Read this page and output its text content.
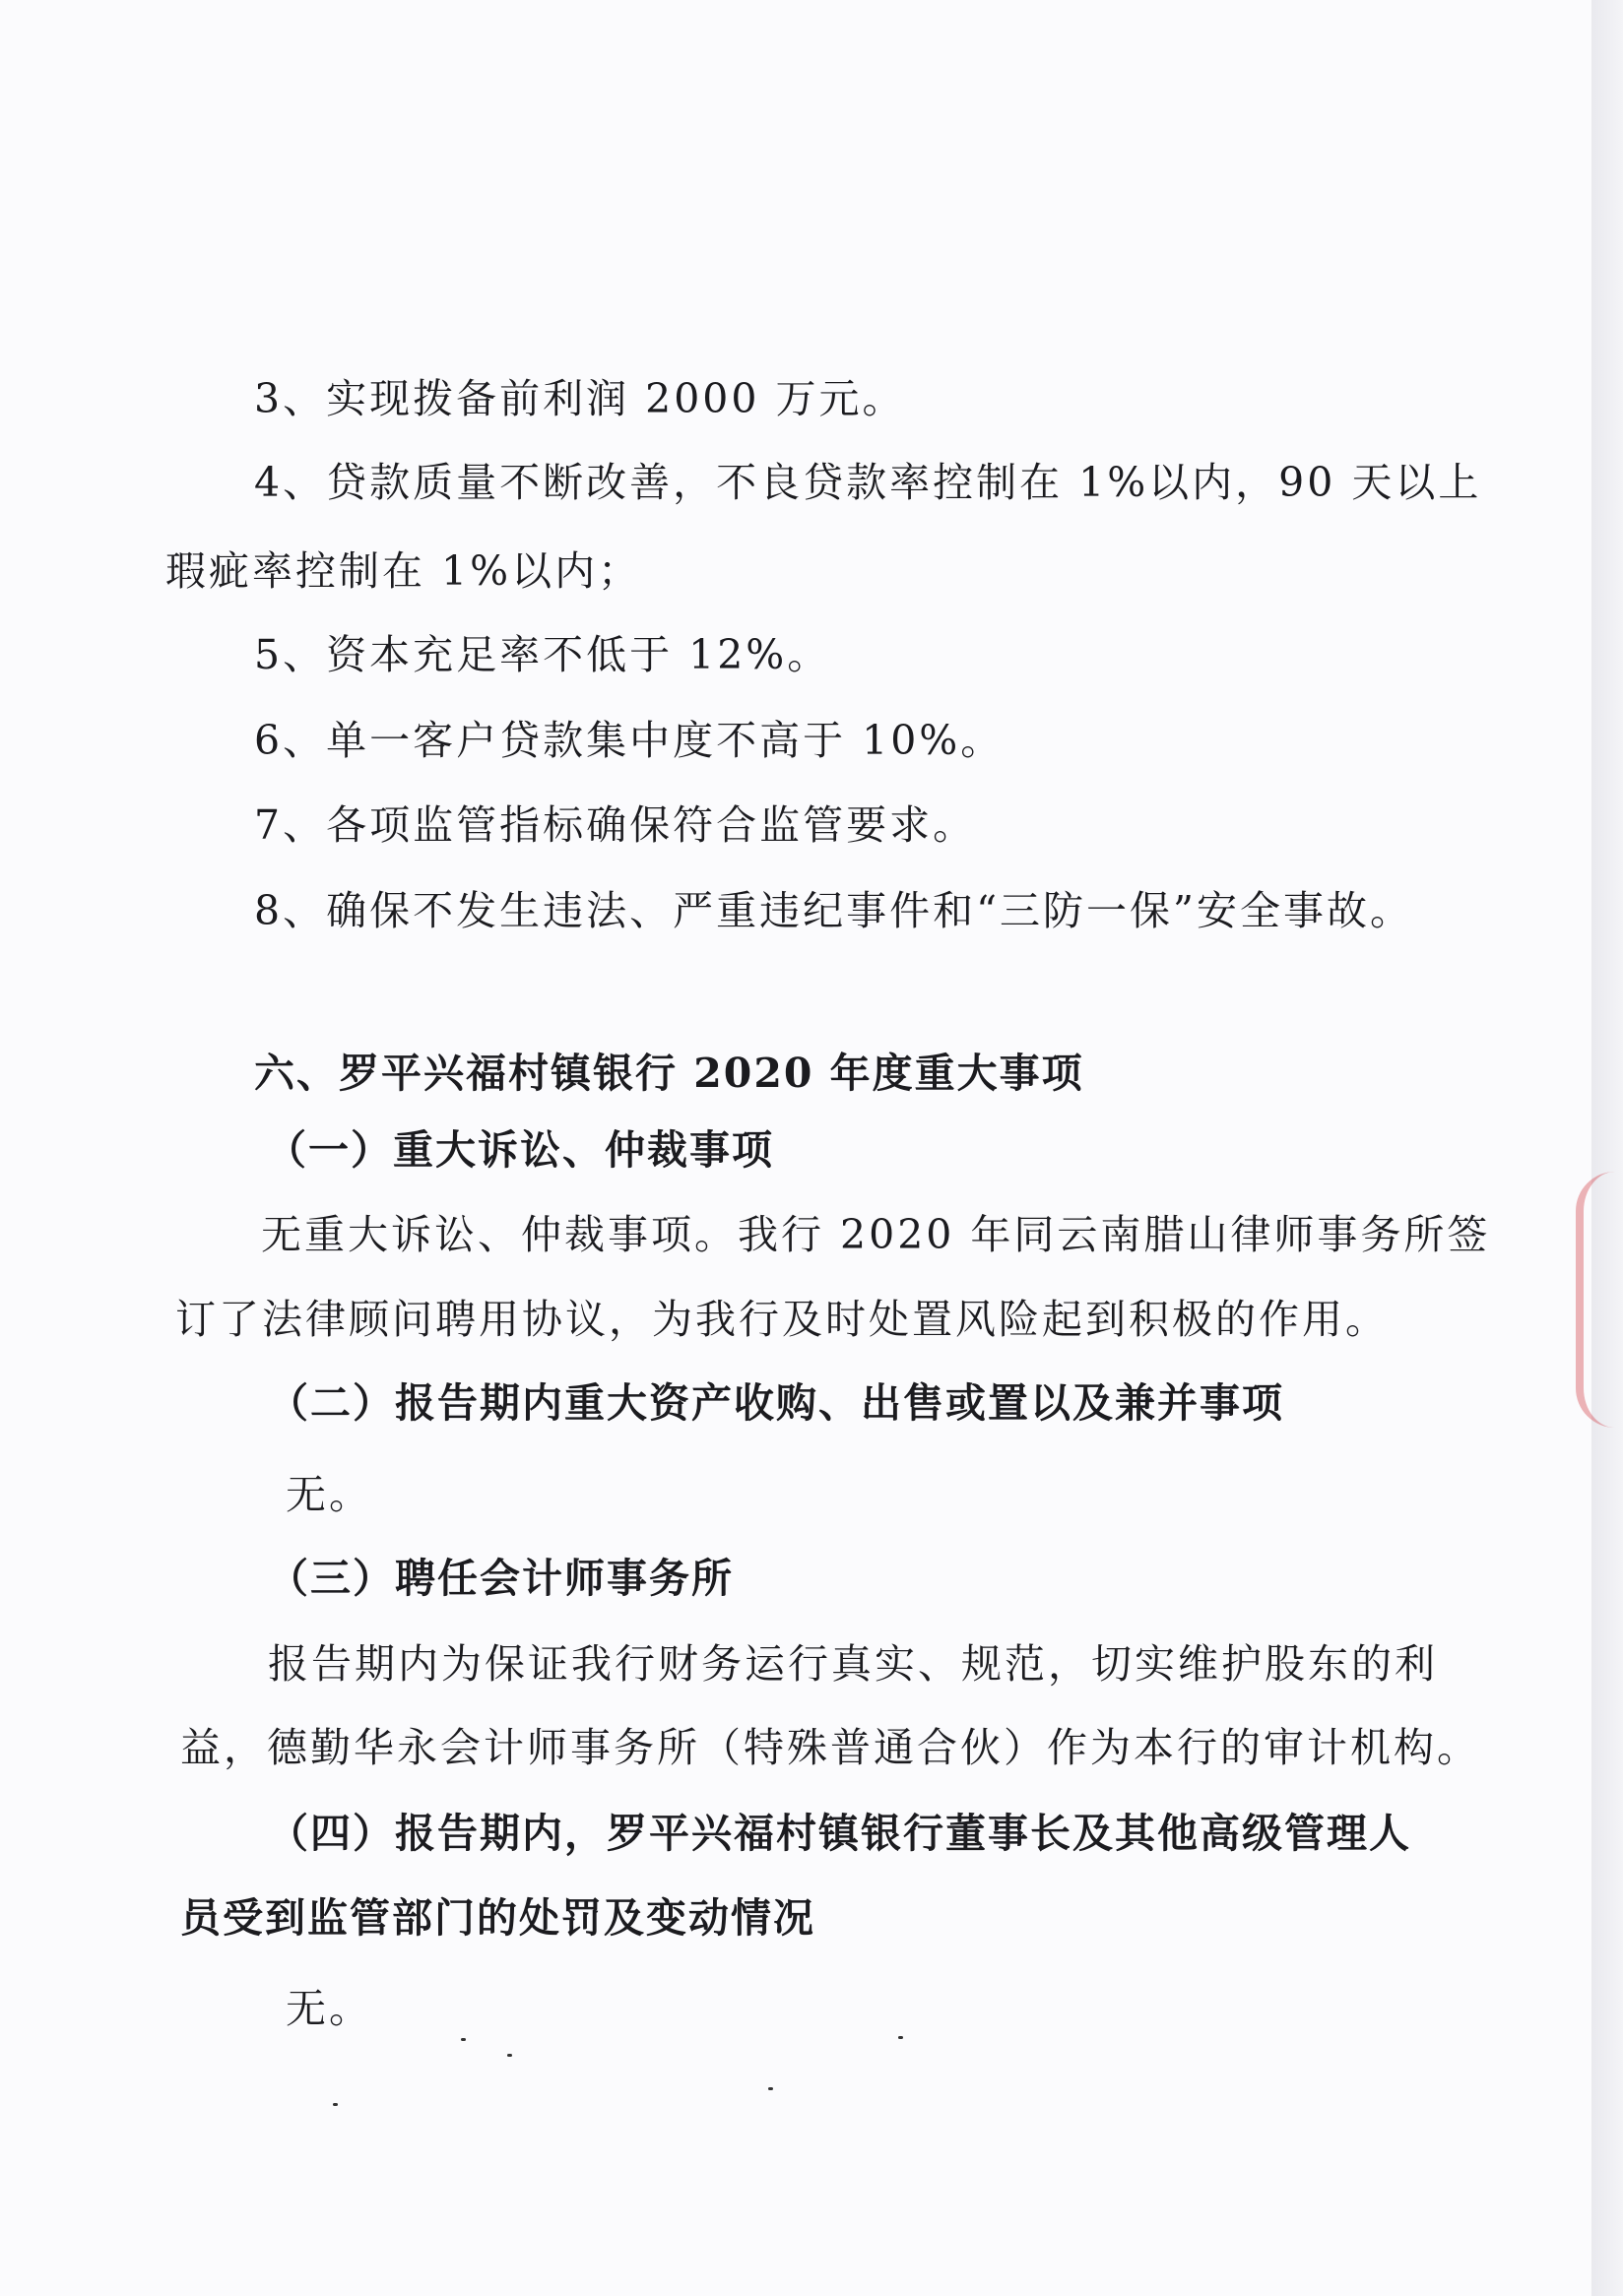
3、实现拨备前利润 2000 万元。
4、贷款质量不断改善，不良贷款率控制在 1%以内，90 天以上
瑕疵率控制在 1%以内；
5、资本充足率不低于 12%。
6、单一客户贷款集中度不高于 10%。
7、各项监管指标确保符合监管要求。
8、确保不发生违法、严重违纪事件和“三防一保”安全事故。
六、罗平兴福村镇银行 2020 年度重大事项
（一）重大诉讼、仲裁事项
无重大诉讼、仲裁事项。我行 2020 年同云南腊山律师事务所签
订了法律顾问聘用协议，为我行及时处置风险起到积极的作用。
（二）报告期内重大资产收购、出售或置以及兼并事项
无。
（三）聘任会计师事务所
报告期内为保证我行财务运行真实、规范，切实维护股东的利
益，德勤华永会计师事务所（特殊普通合伙）作为本行的审计机构。
（四）报告期内，罗平兴福村镇银行董事长及其他高级管理人
员受到监管部门的处罚及变动情况
无。
